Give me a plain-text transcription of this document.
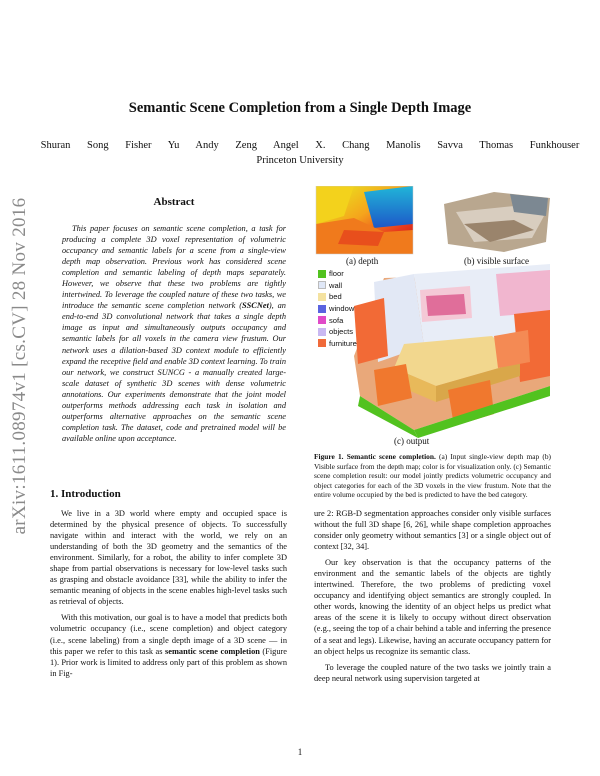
arXiv:1611.08974v1 [cs.CV] 28 Nov 2016
Semantic Scene Completion from a Single Depth Image
Shuran Song Fisher Yu Andy Zeng Angel X. Chang Manolis Savva Thomas Funkhouser
Princeton University
Abstract
This paper focuses on semantic scene completion, a task for producing a complete 3D voxel representation of volumetric occupancy and semantic labels for a scene from a single-view depth map observation. Previous work has considered scene completion and semantic labeling of depth maps separately. However, we observe that these two problems are tightly intertwined. To leverage the coupled nature of these two tasks, we introduce the semantic scene completion network (SSCNet), an end-to-end 3D convolutional network that takes a single depth image as input and simultaneously outputs occupancy and semantic labels for all voxels in the camera view frustum. Our network uses a dilation-based 3D context module to efficiently expand the receptive field and enable 3D context learning. To train our network, we construct SUNCG - a manually created large-scale dataset of synthetic 3D scenes with dense volumetric annotations. Our experiments demonstrate that the joint model outperforms methods addressing each task in isolation and outperforms alternative approaches on the semantic scene completion task. The dataset, code and pretrained model will be available online upon acceptance.
(a) depth	(b) visible surface
(c) output
floor
wall
bed
window
sofa
objects
furniture
Figure 1. Semantic scene completion. (a) Input single-view depth map (b) Visible surface from the depth map; color is for visualization only. (c) Semantic scene completion result: our model jointly predicts volumetric occupancy and object categories for each of the 3D voxels in the view frustum. Note that the entire volume occupied by the bed is predicted to have the bed category.
1. Introduction

We live in a 3D world where empty and occupied space is determined by the physical presence of objects. To successfully navigate within and interact with the world, we rely on an understanding of both the 3D geometry and the semantics of the environment. Similarly, for a robot, the ability to infer complete 3D shape from partial observations is necessary for low-level tasks such as grasping and obstacle avoidance [33], while the ability to infer the semantic meaning of objects in the scene enables high-level tasks such as retrieval of objects.

With this motivation, our goal is to have a model that predicts both volumetric occupancy (i.e., scene completion) and object category (i.e., scene labeling) from a single depth image of a 3D scene — in this paper we refer to this task as semantic scene completion (Figure 1). Prior work is limited to address only part of this problem as shown in Fig-

ure 2: RGB-D segmentation approaches consider only visible surfaces without the full 3D shape [6, 26], while shape completion approaches consider only geometry without semantics [3] or a single object out of context [32, 34].

Our key observation is that the occupancy patterns of the environment and the semantic labels of the objects are tightly intertwined. Therefore, the two problems of predicting voxel occupancy and identifying object semantics are strongly coupled. In other words, knowing the identity of an object helps us predict what areas of the scene it is likely to occupy without direct observation (e.g., seeing the top of a chair behind a table and inferring the presence of a seat and legs). Likewise, having an accurate occupancy pattern for an object helps us recognize its semantic class.

To leverage the coupled nature of the two tasks we jointly train a deep neural network using supervision targeted at

1
